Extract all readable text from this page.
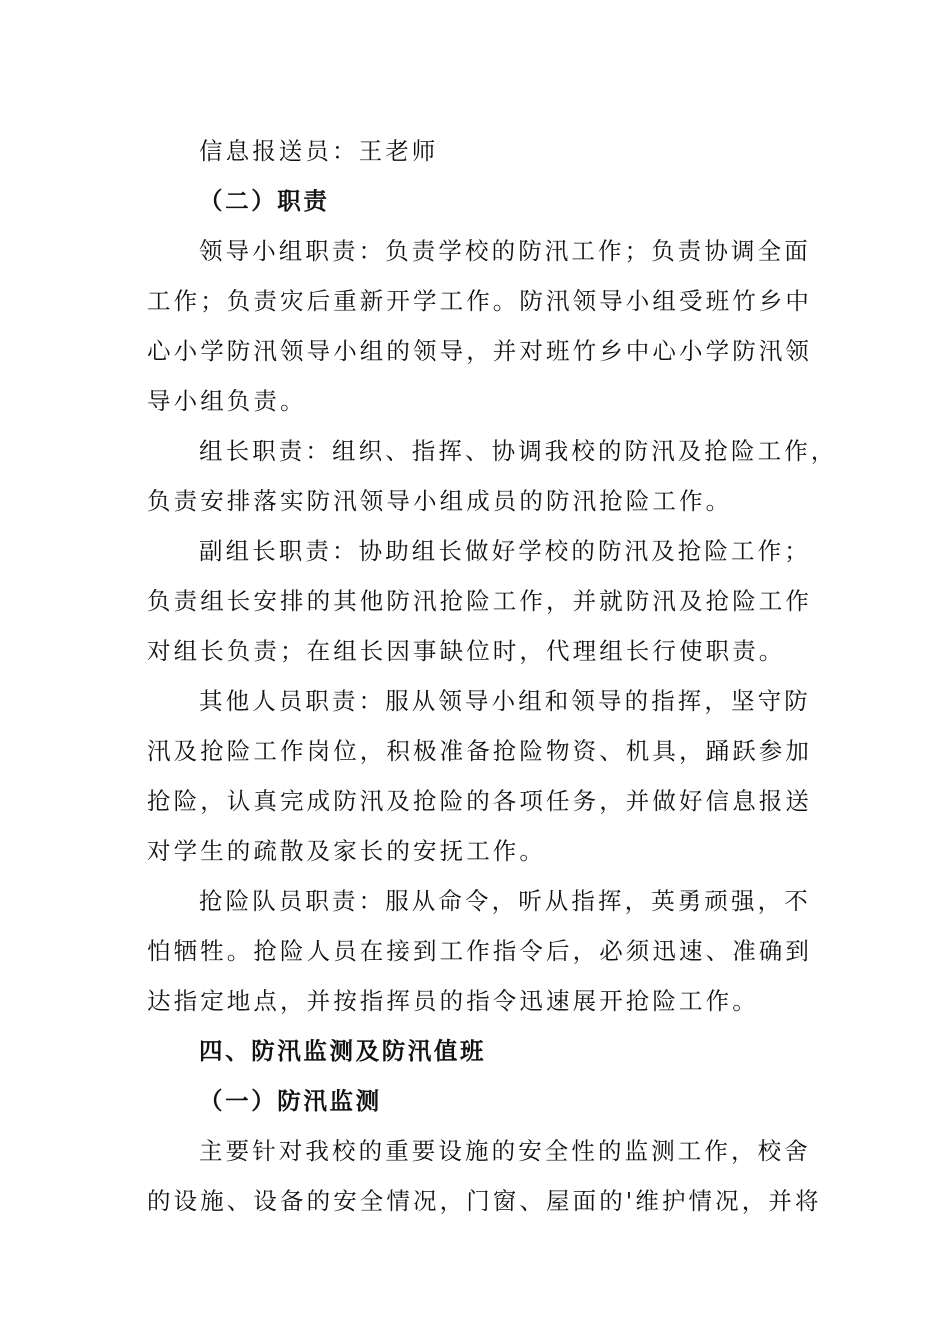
信息报送员：王老师
（二）职责
领导小组职责：负责学校的防汛工作；负责协调全面
工作；负责灾后重新开学工作。防汛领导小组受班竹乡中
心小学防汛领导小组的领导，并对班竹乡中心小学防汛领
导小组负责。
组长职责：组织、指挥、协调我校的防汛及抢险工作，
负责安排落实防汛领导小组成员的防汛抢险工作。
副组长职责：协助组长做好学校的防汛及抢险工作；
负责组长安排的其他防汛抢险工作，并就防汛及抢险工作
对组长负责；在组长因事缺位时，代理组长行使职责。
其他人员职责：服从领导小组和领导的指挥，坚守防
汛及抢险工作岗位，积极准备抢险物资、机具，踊跃参加
抢险，认真完成防汛及抢险的各项任务，并做好信息报送
对学生的疏散及家长的安抚工作。
抢险队员职责：服从命令，听从指挥，英勇顽强，不
怕牺牲。抢险人员在接到工作指令后，必须迅速、准确到
达指定地点，并按指挥员的指令迅速展开抢险工作。
四、防汛监测及防汛值班
（一）防汛监测
主要针对我校的重要设施的安全性的监测工作，校舍
的设施、设备的安全情况，门窗、屋面的'维护情况，并将
